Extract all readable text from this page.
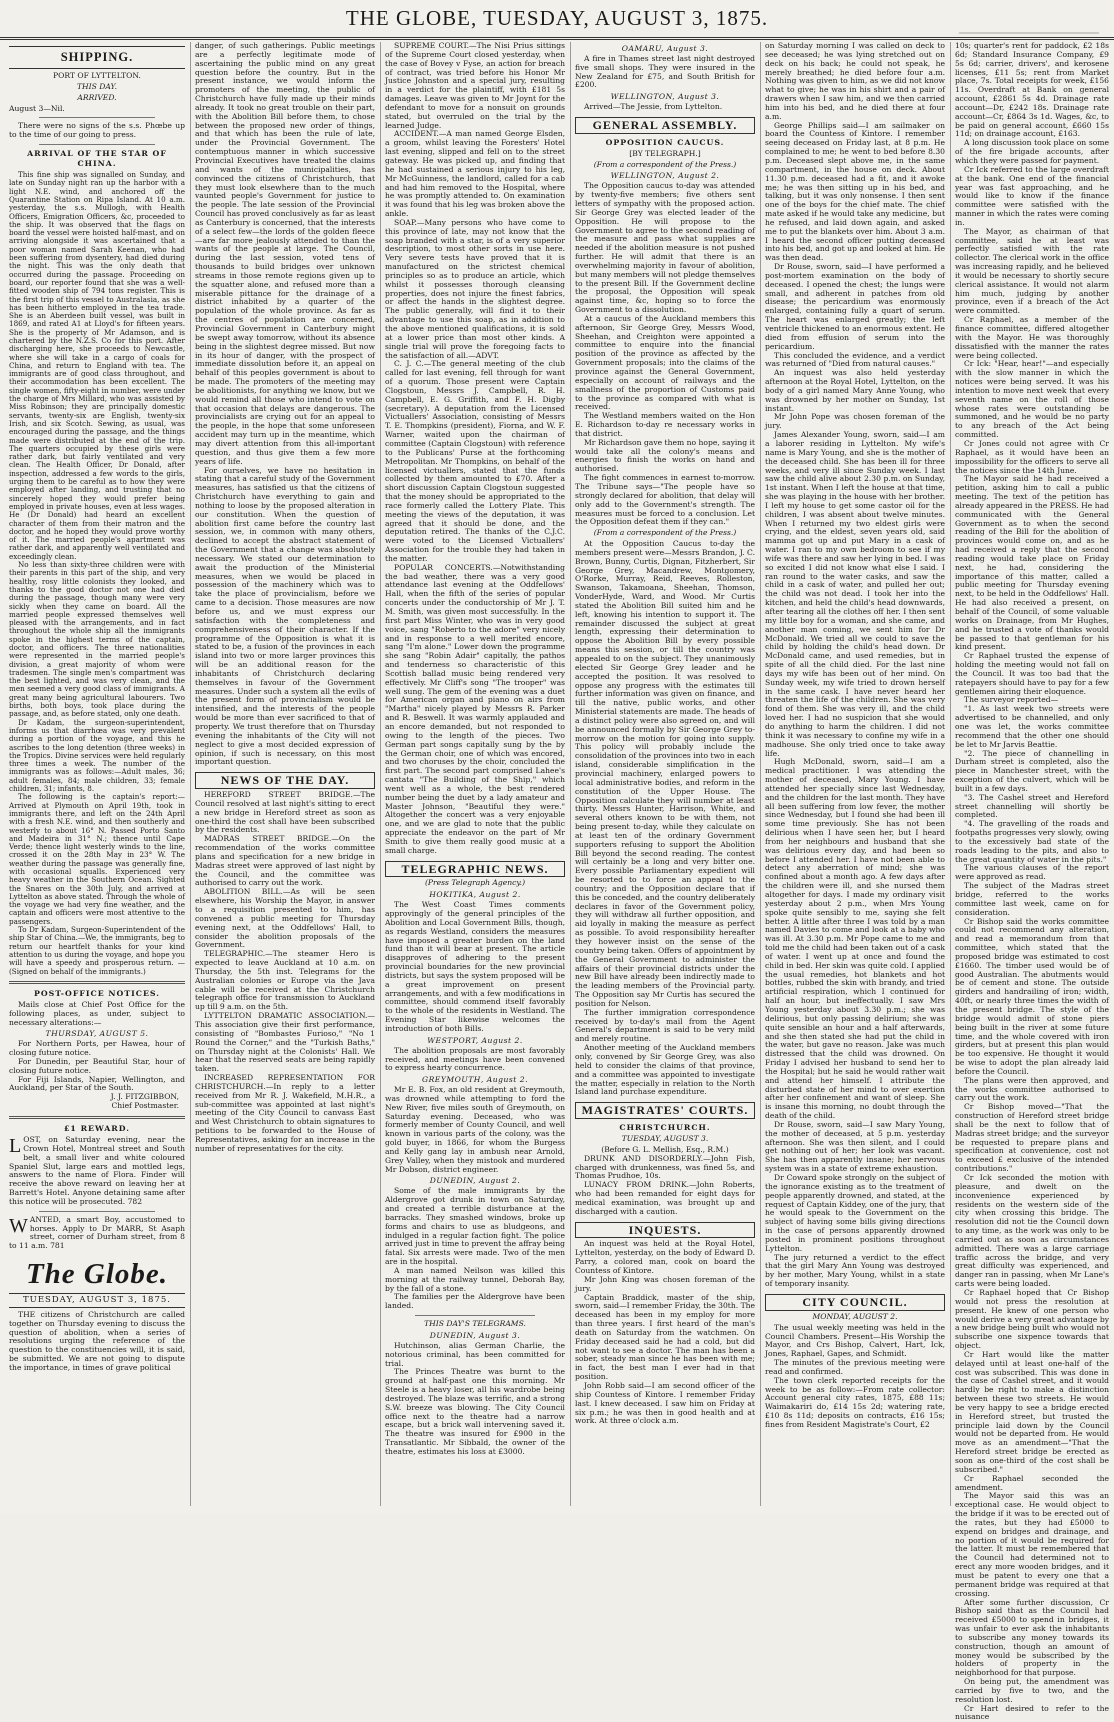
THE GLOBE, TUESDAY, AUGUST 3, 1875.
SHIPPING.
PORT OF LYTTELTON.
THIS DAY.
ARRIVED.

August 3—Nil.

There were no signs of the s.s. Phœbe up to the time of our going to press.

ARRIVAL OF THE STAR OF CHINA.

This fine ship was signalled on Sunday, and late on Sunday night ran up the harbor with a light N.E. wind, and anchored off the Quarantine Station on Ripa Island. At 10 a.m. yesterday, the s.s. Mullogh, with Health Officers, Emigration Officers, &c, proceeded to the ship. It was observed that the flags on board the vessel were hoisted half-mast, and on arriving alongside it was ascertained that a poor woman named Sarah Keenan, who had been suffering from dysentery, had died during the night. This was the only death that occurred during the passage. Proceeding on board, our reporter found that she was a well-fitted wooden ship of 794 tons register. This is the first trip of this vessel to Australasia, as she has been hitherto employed in the tea trade. She is an Aberdeen built vessel, was built in 1869, and rated A1 at Lloyd's for fifteen years. She is the property of Mr Adamson, and is chartered by the N.Z.S. Co for this port. After discharging here, she proceeds to Newcastle, where she will take in a cargo of coals for China, and return to England with tea. The immigrants are of good class throughout, and their accommodation has been excellent. The single women, fifty-eight in number, were under the charge of Mrs Millard, who was assisted by Miss Robinson; they are principally domestic servants, twenty-six are English, twenty-six Irish, and six Scotch. Sewing, as usual, was encouraged during the passage, and the things made were distributed at the end of the trip. The quarters occupied by these girls were rather dark, but fairly ventilated and very clean. The Health Officer, Dr Donald, after inspection, addressed a few words to the girls, urging them to be careful as to how they were employed after landing, and trusting that no sincerely hoped they would prefer being employed in private houses, even at less wages. He (Dr Donald) had heard an excellent character of them from their matron and the doctor, and he hoped they would prove worthy of it. The married people's apartment was rather dark, and apparently well ventilated and exceedingly clean.

No less than sixty-three children were with their parents in this part of the ship, and very healthy, rosy little colonists they looked, and thanks to the good doctor not one had died during the passage, though many were very sickly when they came on board. All the married people expressed themselves well pleased with the arrangements, and in fact throughout the whole ship all the immigrants spoke in the highest terms of the captain, doctor, and officers. The three nationalities were represented in the married people's division, a great majority of whom were tradesmen. The single men's compartment was the best lighted, and was very clean, and the men seemed a very good class of immigrants. A great many being agricultural labourers. Two births, both boys, took place during the passage, and, as before stated, only one death.

Dr Kadam, the surgeon-superintendent, informs us that diarrhœa was very prevalent during a portion of the voyage, and this he ascribes to the long detention (three weeks) in the Tropics. Divine services were held regularly three times a week. The number of the immigrants was as follows:—Adult males, 36; adult females, 84; male children, 33; female children, 31; infants, 8.

The following is the captain's report:—Arrived at Plymouth on April 19th, took in immigrants there, and left on the 24th April with a fresh N.E. wind, and then southerly and westerly to about 16° N. Passed Porto Santo and Madeira in 31° N.; thence until Cape Verde; thence light westerly winds to the line, crossed it on the 28th May in 23° W. The weather during the passage was generally fine, with occasional squalls. Experienced very heavy weather in the Southern Ocean. Sighted the Snares on the 30th July, and arrived at Lyttelton as above stated. Through the whole of the voyage we had very fine weather, and the captain and officers were most attentive to the passengers.

To Dr Kadam, Surgeon-Superintendent of the ship Star of China.—We, the immigrants, beg to return our heartfelt thanks for your kind attention to us during the voyage, and hope you will have a speedy and prosperous return. —(Signed on behalf of the immigrants.)

POST-OFFICE NOTICES.

Mails close at Chief Post Office for the following places, as under, subject to necessary alterations:—

THURSDAY, AUGUST 5.

For Northern Ports, per Hawea, hour of closing future notice.

For Dunedin, per Beautiful Star, hour of closing future notice.

For Fiji Islands, Napier, Wellington, and Auckland, per Star of the South.

J. J. FITZGIBBON,
Chief Postmaster.
£1 REWARD.

LOST, on Saturday evening, near the Crown Hotel, Montreal street and South belt, a small liver and white coloured Spaniel Slut, large ears and mottled legs, answers to the name of Flora. Finder will receive the above reward on leaving her at Barrett's Hotel. Anyone detaining same after this notice will be prosecuted. 782

WANTED, a smart Boy, accustomed to horses. Apply to Dr MARR, St Asaph street, corner of Durham street, from 8 to 11 a.m. 781

The Globe.
TUESDAY, AUGUST 3, 1875.

THE citizens of Christchurch are called together on Thursday evening to discuss the question of abolition, when a series of resolutions urging the reference of the question to the constituencies will, it is said, be submitted. We are not going to dispute the importance, in times of grave political

danger, of such gatherings. Public meetings are a perfectly legitimate mode of ascertaining the public mind on any great question before the country. But in the present instance, we would inform the promoters of the meeting, the public of Christchurch have fully made up their minds already. It took no great trouble on their part, with the Abolition Bill before them, to chose between the proposed new order of things, and that which has been the rule of late, under the Provincial Government. The contemptuous manner in which successive Provincial Executives have treated the claims and wants of the municipalities, has convinced the citizens of Christchurch, that they must look elsewhere than to the much vaunted people's Government for justice to the people. The late session of the Provincial Council has proved conclusively as far as least as Canterbury is concerned, that the interests of a select few—the lords of the golden fleece—are far more jealously attended to than the wants of the people at large. The Council, during the last session, voted tens of thousands to build bridges over unknown streams in those remote regions given up to the squatter alone, and refused more than a miserable pittance for the drainage of a district inhabited by a quarter of the population of the whole province. As far as the centres of population are concerned, Provincial Government in Canterbury might be swept away tomorrow, without its absence being in the slightest degree missed. But now in its hour of danger, with the prospect of immediate dissolution before it, an appeal on behalf of this peoples government is about to be made. The promoters of the meeting may be abolitionists, for anything we know, but we would remind all those who intend to vote on that occasion that delays are dangerous. The provincialists are crying out for an appeal to the people, in the hope that some unforeseen accident may turn up in the meantime, which may divert attention from this all-important question, and thus give them a few more years of life.

For ourselves, we have no hesitation in stating that a careful study of the Government measures, has satisfied us that the citizens of Christchurch have everything to gain and nothing to loose by the proposed alteration in our constitution. When the question of abolition first came before the country last session, we, in common with many others, declined to accept the abstract statement of the Government that a change was absolutely necessary. We stated our determination to await the production of the Ministerial measures, when we would be placed in possession of the machinery which was to take the place of provincialism, before we came to a decision. Those measures are now before us, and we must express our satisfaction with the completeness and comprehensiveness of their character. If the programme of the Opposition is what it is stated to be, a fusion of the provinces in each island into two or more larger provinces this will be an additional reason for the inhabitants of Christchurch declaring themselves in favour of the Government measures. Under such a system all the evils of the present form of provincialism would be intensified, and the interests of the people would be more than ever sacrificed to that of property. We trust therefore that on Thursday evening the inhabitants of the City will not neglect to give a most decided expression of opinion, if such is necessary, on this most important question.

NEWS OF THE DAY.

HEREFORD STREET BRIDGE.—The Council resolved at last night's sitting to erect a new bridge in Hereford street as soon as one-third the cost shall have been subscribed by the residents.

MADRAS STREET BRIDGE.—On the recommendation of the works committee plans and specification for a new bridge in Madras street were approved of last night by the Council, and the committee was authorised to carry out the work.

ABOLITION BILL.—As will be seen elsewhere, his Worship the Mayor, in answer to a requisition presented to him, has convened a public meeting for Thursday evening next, at the Oddfellows' Hall, to consider the abolition proposals of the Government.

TELEGRAPHIC.—The steamer Hero is expected to leave Auckland at 10 a.m. on Thursday, the 5th inst. Telegrams for the Australian colonies or Europe via the Java cable will be received at the Christchurch telegraph office for transmission to Auckland up till 9 a.m. on the 5th.

LYTTELTON DRAMATIC ASSOCIATION.—This association give their first performance, consisting of "Bombastes Furioso," "No 1 Round the Corner," and the "Turkish Baths," on Thursday night at the Colonists' Hall. We hear that the reserved seats are being rapidly taken.

INCREASED REPRESENTATION FOR CHRISTCHURCH.—In reply to a letter received from Mr R. J. Wakefield, M.H.R., a sub-committee was appointed at last night's meeting of the City Council to canvass East and West Christchurch to obtain signatures to petitions to be forwarded to the House of Representatives, asking for an increase in the number of representatives for the city.

SUPREME COURT.—The Nisi Prius sittings of the Supreme Court closed yesterday, when the case of Bovey v Fyse, an action for breach of contract, was tried before his Honor Mr Justice Johnston and a special jury, resulting in a verdict for the plaintiff, with £181 5s damages. Leave was given to Mr Joynt for the defendant to move for a nonsuit on grounds stated, but overruled on the trial by the learned Judge.

ACCIDENT.—A man named George Elsden, a groom, whilst leaving the Foresters' Hotel last evening, slipped and fell on to the street gateway. He was picked up, and finding that he had sustained a serious injury to his leg, Mr McGuinness, the landlord, called for a cab and had him removed to the Hospital, where he was promptly attended to. On examination it was found that his leg was broken above the ankle.

SOAP.—Many persons who have come to this province of late, may not know that the soap branded with a star, is of a very superior description, to most other sorts in use here. Very severe tests have proved that it is manufactured on the strictest chemical principles so as to produce an article, which whilst it possesses thorough cleansing properties, does not injure the finest fabrics, or affect the hands in the slightest degree. The public generally, will find it to their advantage to use this soap, as in addition to the above mentioned qualifications, it is sold at a lower price than most other kinds. A single trial will prove the foregoing facts to the satisfaction of all.—ADVT.

C. J. C.—The general meeting of the club called for last evening, fell through for want of a quorum. Those present were Captain Clogstoun, Messrs J. Campbell, R. H. Campbell, E. G. Griffith, and F. H. Digby (secretary). A deputation from the Licensed Victuallers' Association, consisting of Messrs T. E. Thompkins (president), Fiorna, and W. F. Warner, waited upon the chairman of committee (Captain Clogstoun) with reference to the Publicans' Purse at the forthcoming Metropolitan. Mr Thompkins, on behalf of the licensed victuallers, stated that the funds collected by them amounted to £70. After a short discussion Captain Clogstoun suggested that the money should be appropriated to the race formerly called the Lottery Plate. This meeting the views of the deputation, it was agreed that it should be done, and the deputation retired. The thanks of the C.J.C. were voted to the Licensed Victuallers' Association for the trouble they had taken in the matter.

POPULAR CONCERTS.—Notwithstanding the bad weather, there was a very good attendance last evening at the Oddfellows' Hall, when the fifth of the series of popular concerts under the conductorship of Mr J. T. M. Smith, was given most successfully. In the first part Miss Winter, who was in very good voice, sang "Roberto to the adore" very nicely and in response to a well merited encore, sang "I'm alone." Lower down the programme she sang "Robin Adair" capitally, the pathos and tenderness so characteristic of this Scottish ballad music being rendered very effectively. Mr Cliff's song "The trooper" was well sung. The gem of the evening was a duet for American organ and piano on airs from "Martha" nicely played by Messrs R. Parker and R. Beswell. It was warmly applauded and an encore demanded, but not responded to owing to the length of the pieces. Two German part songs capitally sung by the by the German choir, one of which was encored, and two choruses by the choir, concluded the first part. The second part comprised Lahee's cantata "The Building of the Ship," which went well as a whole, the best rendered number being the duet by a lady amateur and Master Johnson, "Beautiful they were." Altogether the concert was a very enjoyable one, and we are glad to note that the public appreciate the endeavor on the part of Mr Smith to give them really good music at a small charge.

TELEGRAPHIC NEWS.
(Press Telegraph Agency.)
HOKITIKA, August 2.

The West Coast Times comments approvingly of the general principles of the Abolition and Local Government Bills, though, as regards Westland, considers the measures have imposed a greater burden on the land fund than it will bear at present. The article disapproves of adhering to the present provincial boundaries for the new provincial districts, but says the system proposed will be a great improvement on present arrangements, and with a few modifications in committee, should commend itself favorably to the whole of the residents in Westland. The Evening Star likewise welcomes the introduction of both Bills.

WESTPORT, August 2.

The abolition proposals are most favorably received, and meetings have been convened to express hearty concurrence.

GREYMOUTH, August 2.

Mr E. B. Fox, an old resident at Greymouth, was drowned while attempting to ford the New River, five miles south of Greymouth, on Saturday evening. Deceased, who was formerly member of County Council, and well known in various parts of the colony, was the gold buyer, in 1866, for whom the Burgess and Kelly gang lay in ambush near Arnold, Grey Valley, when they mistook and murdered Mr Dobson, district engineer.

DUNEDIN, August 2.

Some of the male immigrants by the Aldergrove got drunk in town on Saturday, and created a terrible disturbance at the barracks. They smashed windows, broke up forms and chairs to use as bludgeons, and indulged in a regular faction fight. The police arrived just in time to prevent the affray being fatal. Six arrests were made. Two of the men are in the hospital.

A man named Neilson was killed this morning at the railway tunnel, Deborah Bay, by the fall of a stone.

The families per the Aldergrove have been landed.

THIS DAY'S TELEGRAMS.
DUNEDIN, August 3.

Hutchinson, alias German Charlie, the notorious criminal, has been committed for trial.

The Princes Theatre was burnt to the ground at half-past one this morning. Mr Steele is a heavy loser, all his wardrobe being destroyed. The blaze was terrific, and a strong S.W. breeze was blowing. The City Council office next to the theatre had a narrow escape, but a brick wall intervening saved it. The theatre was insured for £900 in the Transatlantic. Mr Sibbald, the owner of the theatre, estimates his loss at £3000.

OAMARU, August 3.

A fire in Thames street last night destroyed five small shops. They were insured in the New Zealand for £75, and South British for £200.

WELLINGTON, August 3.

Arrived—The Jessie, from Lyttelton.

GENERAL ASSEMBLY.
OPPOSITION CAUCUS.
[BY TELEGRAPH.]
(From a correspondent of the Press.)
WELLINGTON, August 2.

The Opposition caucus to-day was attended by twenty-five members; five others sent letters of sympathy with the proposed action. Sir George Grey was elected leader of the Opposition. He will propose to the Government to agree to the second reading of the measure and pass what supplies are needed if the abolition measure is not pushed further. He will admit that there is an overwhelming majority in favour of abolition, but many members will not pledge themselves to the present Bill. If the Government decline the proposal, the Opposition will speak against time, &c, hoping so to force the Government to a dissolution.

At a caucus of the Auckland members this afternoon, Sir George Grey, Messrs Wood, Sheehan, and Creighton were appointed a committee to enquire into the financial position of the province as affected by the Government proposals; into the claims of the province against the General Government, especially on account of railways and the smallness of the proportion of Customs paid to the province as compared with what is received.

The Westland members waited on the Hon E. Richardson to-day re necessary works in that district.

Mr Richardson gave them no hope, saying it would take all the colony's means and energies to finish the works on hand and authorised.

The fight commences in earnest to-morrow. The Tribune says—"The people have so strongly declared for abolition, that delay will only add to the Government's strength. The measures must be forced to a conclusion. Let the Opposition defeat them if they can."

(From a correspondent of the Press.)

At the Opposition Caucus to-day the members present were—Messrs Brandon, J. C. Brown, Bunny, Curtis, Dignan, Fitzherbert, Sir George Grey, Macandrew, Montgomery, O'Rorke, Murray, Reid, Reeves, Rolleston, Swanson, Takamoana, Sheehan, Thomson, VonderHyde, Ward, and Wood. Mr Curtis stated the Abolition Bill suited him and he left, knowing his intention to support it. The remainder discussed the subject at great length, expressing their determination to oppose the Abolition Bill by every possible means this session, or till the country was appealed to on the subject. They unanimously elected Sir George Grey leader and he accepted the position. It was resolved to oppose any progress with the estimates till further information was given on finance, and till the native, public works, and other Ministerial statements are made. The heads of a distinct policy were also agreed on, and will be announced formally by Sir George Grey to-morrow on the motion for going into supply. This policy will probably include the consolidation of the provinces into two in each island, considerable simplification in the provincial machinery, enlarged powers to local administrative bodies, and reform in the constitution of the Upper House. The Opposition calculate they will number at least thirty. Messrs Hunter, Harrison, White, and several others known to be with them, not being present to-day, while they calculate on at least ten of the ordinary Government supporters refusing to support the Abolition Bill beyond the second reading. The contest will certainly be a long and very bitter one. Every possible Parliamentary expedient will be resorted to to force an appeal to the country; and the Opposition declare that if this be conceded, and the country deliberately declares in favor of the Government policy, they will withdraw all further opposition, and aid loyally in making the measure as perfect as possible. To avoid responsibility hereafter they however insist on the sense of the country being taken. Offers of appointment by the General Government to administer the affairs of their provincial districts under the new Bill have already been indirectly made to the leading members of the Provincial party. The Opposition say Mr Curtis has secured the position for Nelson.

The further immigration correspondence received by to-day's mail from the Agent General's department is said to be very mild and merely routine.

Another meeting of the Auckland members only, convened by Sir George Grey, was also held to consider the claims of that province, and a committee was appointed to investigate the matter, especially in relation to the North Island land purchase expenditure.

MAGISTRATES' COURTS.
CHRISTCHURCH.
TUESDAY, AUGUST 3.
(Before G. L. Mellish, Esq., R.M.)

DRUNK AND DISORDERLY.—John Fish, charged with drunkenness, was fined 5s, and Thomas Prudhoe, 10s.

LUNACY FROM DRINK.—John Roberts, who had been remanded for eight days for medical examination, was brought up and discharged with a caution.

INQUESTS.

An inquest was held at the Royal Hotel, Lyttelton, yesterday, on the body of Edward D. Parry, a colored man, cook on board the Countess of Kintore.

Mr John King was chosen foreman of the jury.

Captain Braddick, master of the ship, sworn, said—I remember Friday, the 30th. The deceased has been in my employ for more than three years. I first heard of the man's death on Saturday from the watchmen. On Friday deceased said he had a cold, but did not want to see a doctor. The man has been a sober, steady man since he has been with me; in fact, the best man I ever had in that position.

John Robb said—I am second officer of the ship Countess of Kintore. I remember Friday last. I knew deceased. I saw him on Friday at six p.m.; he was then in good health and at work. At three o'clock a.m.

on Saturday morning I was called on deck to see deceased; he was lying stretched out on deck on his back; he could not speak, he merely breathed; he died before four a.m. Nothing was given to him, as we did not know what to give; he was in his shirt and a pair of drawers when I saw him, and we then carried him into his bed, and he died there at four a.m.

George Phillips said—I am sailmaker on board the Countess of Kintore. I remember seeing deceased on Friday last, at 8 p.m. He complained to me; he went to bed before 8.30 p.m. Deceased slept above me, in the same compartment, in the house on deck. About 11.30 p.m. deceased had a fit, and it awoke me; he was then sitting up in his bed, and talking, but it was only nonsense. I then sent one of the boys for the chief mate. The chief mate asked if he would take any medicine, but he refused, and laid down again, and asked me to put the blankets over him. About 3 a.m. I heard the second officer putting deceased into his bed, and got up and looked at him. He was then dead.

Dr Rouse, sworn, said—I have performed a post-mortem examination on the body of deceased. I opened the chest; the lungs were small, and adherent in patches from old disease; the pericardium was enormously enlarged, containing fully a quart of serum. The heart was enlarged greatly; the left ventricle thickened to an enormous extent. He died from effusion of serum into the pericardium.

This concluded the evidence, and a verdict was returned of "Died from natural causes."

An inquest was also held yesterday afternoon at the Royal Hotel, Lyttelton, on the body of a girl named Mary Anne Young, who was drowned by her mother on Sunday, 1st instant.

Mr John Pope was chosen foreman of the jury.

James Alexander Young, sworn, said—I am a laborer residing in Lyttelton. My wife's name is Mary Young, and she is the mother of the deceased child. She has been ill for three weeks, and very ill since Sunday week. I last saw the child alive about 2.30 p.m. on Sunday, 1st instant. When I left the house at that time, she was playing in the house with her brother. I left my house to get some castor oil for the children, I was absent about twelve minutes. When I returned my two eldest girls were crying, and the eldest, seven years old, said mamma got up and put Mary in a cask of water. I ran to my own bedroom to see if my wife was there and saw her lying in bed. I was so excited I did not know what else I said. I ran round to the water casks, and saw the child in a cask of water, and pulled her out; the child was not dead. I took her into the kitchen, and held the child's head downwards, after tearing all the clothes off her. I then sent my little boy for a woman, and she came, and another man coming, we sent him for Dr McDonald. We tried all we could to save the child by holding the child's head down. Dr McDonald came, and used remedies, but in spite of all the child died. For the last nine days my wife has been out of her mind. On Sunday week, my wife tried to drown herself in the same cask. I have never heard her threaten the life of the children. She was very fond of them. She was very ill, and the child loved her. I had no suspicion that she would do anything to harm the children. I did not think it was necessary to confine my wife in a madhouse. She only tried once to take away life.

Hugh McDonald, sworn, said—I am a medical practitioner. I was attending the mother of deceased, Mary Young. I have attended her specially since last Wednesday, and the children for the last month. They have all been suffering from low fever, the mother since Wednesday, but I found she had been ill some time previously. She has not been delirious when I have seen her, but I heard from her neighbours and husband that she was delirious every day, and had been so before I attended her. I have not been able to detect any aberration of mind; she was confined about a month ago. A few days after the children were ill, and she nursed them altogether for days. I made my ordinary visit yesterday about 2 p.m., when Mrs Young spoke quite sensibly to me, saying she felt better. A little after three I was told by a man named Davies to come and look at a baby who was ill. At 3.30 p.m. Mr Pope came to me and told me the child had been taken out of a cask of water. I went up at once and found the child in bed. Her skin was quite cold. I applied the usual remedies, hot blankets and hot bottles, rubbed the skin with brandy, and tried artificial respiration, which I continued for half an hour, but ineffectually. I saw Mrs Young yesterday about 3.30 p.m.; she was delirious, but only passing delirium; she was quite sensible an hour and a half afterwards, and she then stated she had put the child in the water, but gave no reason. Jake was much distressed that the child was drowned. On Friday I advised her husband to send her to the Hospital; but he said he would rather wait and attend her himself. I attribute the disturbed state of her mind to over exertion after her confinement and want of sleep. She is insane this morning, no doubt through the death of the child.

Dr Rouse, sworn, said—I saw Mary Young, the mother of deceased, at 5 p.m. yesterday afternoon. She was then silent, and I could get nothing out of her; her look was vacant. She has then apparently insane; her nervous system was in a state of extreme exhaustion.

Dr Coward spoke strongly on the subject of the ignorance existing as to the treatment of people apparently drowned, and stated, at the request of Captain Kiddey, one of the jury, that he would speak to the Government on the subject of having some bills giving directions in the case of persons apparently drowned posted in prominent positions throughout Lyttelton.

The jury returned a verdict to the effect that the girl Mary Ann Young was destroyed by her mother, Mary Young, whilst in a state of temporary insanity.

CITY COUNCIL.
MONDAY, AUGUST 2.

The usual weekly meeting was held in the Council Chambers. Present—His Worship the Mayor, and Crs Bishop, Calvert, Hart, Ick, Jones, Raphael, Gapes, and Schmidt.

The minutes of the previous meeting were read and confirmed.

The town clerk reported receipts for the week to be as follow:—From rate collector: Account general city rates, 1875, £88 11s; Waimakariri do, £14 15s 2d; watering rate, £10 8s 11d; deposits on contracts, £16 15s; fines from Resident Magistrate's Court, £2

10s; quarter's rent for paddock, £2 18s 6d; Standard Insurance Company, £9 5s 6d; carrier, drivers', and kerosene licenses, £11 5s; rent from Market place, 7s. Total receipts for week, £156 11s. Overdraft at Bank on general account, £2861 5s 4d. Drainage rate account—Dr, £242 18s. Drainage rate account—Cr, £864 3s 1d. Wages, &c, to be paid on general account, £660 15s 11d; on drainage account, £163.

A long discussion took place on some of the fire brigade accounts, after which they were passed for payment.

Cr Ick referred to the large overdraft at the bank. One end of the financial year was fast approaching, and he would like to know if the finance committee were satisfied with the manner in which the rates were coming in.

The Mayor, as chairman of that committee, said he at least was perfectly satisfied with the rate collector. The clerical work in the office was increasing rapidly, and he believed it would be necessary to shortly secure clerical assistance. It would not alarm him much, judging by another province, even if a breach of the Act were committed.

Cr Raphael, as a member of the finance committee, differed altogether with the Mayor. He was thoroughly dissatisfied with the manner the rates were being collected.

Cr Ick: "Hear, hear!"—and especially with the slow manner in which the notices were being served. It was his intention to move next week that every seventh name on the roll of those whose rates were outstanding be summoned, and he would be no party to any breach of the Act being committed.

Cr Jones could not agree with Cr Raphael, as it would have been an impossibility for the officers to serve all the notices since the 14th June.

The Mayor said he had received a petition, asking him to call a public meeting. The text of the petition has already appeared in the PRESS. He had communicated with the General Government as to when the second reading of the Bill for the abolition of provinces would come on, and as he had received a reply that the second reading would take place on Friday next, he had, considering the importance of this matter, called a public meeting for Thursday evening next, to be held in the Oddfellows' Hall. He had also received a present, on behalf of the Council, of some valuable works on Drainage, from Mr Hughes, and he trusted a vote of thanks would be passed to that gentleman for his kind present.

Cr Raphael trusted the expense of holding the meeting would not fall on the Council. It was too bad that the ratepayers should have to pay for a few gentlemen airing their eloquence.

The surveyor reported—

"1. As last week two streets were advertised to be channelled, and only one was let, the works committee recommend that the other one should be let to Mr Jarvis Beattie.

"2. The piece of channelling in Durham street is completed, also the piece in Manchester street, with the exception of the culvert, which will be built in a few days.

"3. The Cashel street and Hereford street channelling will shortly be completed.

"4. The gravelling of the roads and footpaths progresses very slowly, owing to the excessively bad state of the roads leading to the pits, and also to the great quantity of water in the pits."

The various clauses of the report were approved as read.

The subject of the Madras street bridge, referred to the works committee last week, came on for consideration.

Cr Bishop said the works committee could not recommend any alteration, and read a memorandum from that committee, which stated that the proposed bridge was estimated to cost £1660. The timber used would be of good Australian. The abutments would be of cement and stone. The outside girders and handrailing of iron; width, 40ft, or nearly three times the width of the present bridge. The style of the bridge would admit of stone piers being built in the river at some future time, and the whole covered with iron girders, but at present this plan would be too expensive. He thought it would be wise to adopt the plan already laid before the Council.

The plans were then approved, and the works committee authorised to carry out the work.

Cr Bishop moved—"That the construction of Hereford street bridge shall be the next to follow that of Madras street bridge; and the surveyor be requested to prepare plans and specification at convenience, cost not to exceed £ exclusive of the intended contributions."

Cr Ick seconded the motion with pleasure, and dwelt on the inconvenience experienced by residents on the western side of the city when crossing this bridge. The resolution did not tie the Council down to any time, as the work was only to be carried out as soon as circumstances admitted. There was a large carriage traffic across the bridge, and very great difficulty was experienced, and danger ran in passing, when Mr Lane's carts were being loaded.

Cr Raphael hoped that Cr Bishop would not press the resolution at present. He knew of one person who would derive a very great advantage by a new bridge being built who would not subscribe one sixpence towards that object.

Cr Hart would like the matter delayed until at least one-half of the cost was subscribed. This was done in the case of Cashel street, and it would hardly be right to make a distinction between these two streets. He would be very happy to see a bridge erected in Hereford street, but trusted the principle laid down by the Council would not be departed from. He would move as an amendment—"That the Hereford street bridge be erected as soon as one-third of the cost shall be subscribed."

Cr Raphael seconded the amendment.

The Mayor said this was an exceptional case. He would object to the bridge if it was to be erected out of the rates, but they had £5000 to expend on bridges and drainage, and no portion of it would be required for the latter. It must be remembered that the Council had determined not to erect any more wooden bridges, and it must be patent to every one that a permanent bridge was required at that crossing.

After some further discussion, Cr Bishop said that as the Council had received £5000 to spend in bridges, it was unfair to ever ask the inhabitants to subscribe any money towards its construction, though an amount of money would be subscribed by the holders of property in the neighborhood for that purpose.

On being put, the amendment was carried by five to two, and the resolution lost.

Cr Hart desired to refer to the nuisance
